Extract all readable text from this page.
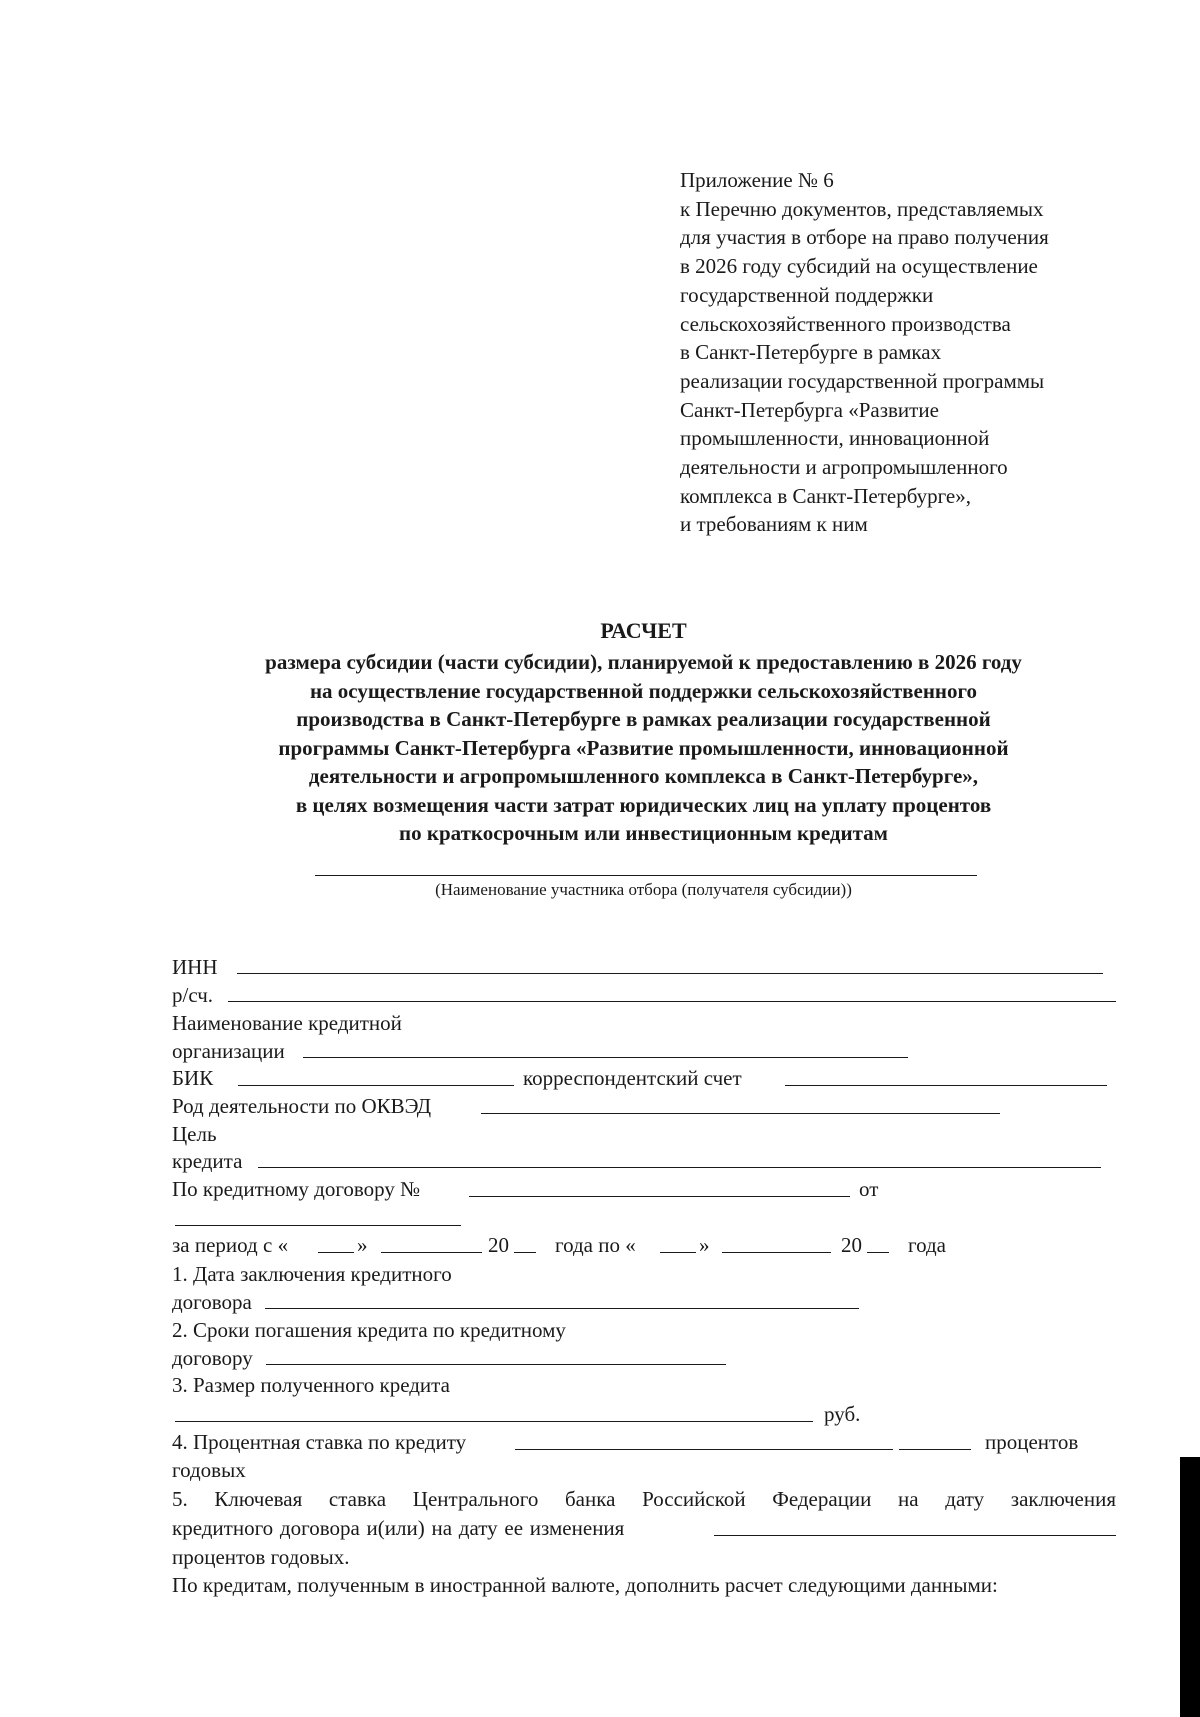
Приложение № 6
к Перечню документов, представляемых
для участия в отборе на право получения
в 2026 году субсидий на осуществление
государственной поддержки
сельскохозяйственного производства
в Санкт-Петербурге в рамках
реализации государственной программы
Санкт-Петербурга «Развитие
промышленности, инновационной
деятельности и агропромышленного
комплекса в Санкт-Петербурге»,
и требованиям к ним
РАСЧЕТ
размера субсидии (части субсидии), планируемой к предоставлению в 2026 году
на осуществление государственной поддержки сельскохозяйственного
производства в Санкт-Петербурге в рамках реализации государственной
программы Санкт-Петербурга «Развитие промышленности, инновационной
деятельности и агропромышленного комплекса в Санкт-Петербурге»,
в целях возмещения части затрат юридических лиц на уплату процентов
по краткосрочным или инвестиционным кредитам
(Наименование участника отбора (получателя субсидии))
ИНН
р/сч.
Наименование кредитной
организации
БИК	корреспондентский счет
Род деятельности по ОКВЭД
Цель
кредита
По кредитному договору №	от
за период с «	»	20 года по «	»	20 года
1. Дата заключения кредитного
договора
2. Сроки погашения кредита по кредитному
договору
3. Размер полученного кредита
руб.
4. Процентная ставка по кредиту	процентов
годовых
5. Ключевая ставка Центрального банка Российской Федерации на дату заключения
кредитного договора и(или) на дату ее изменения
процентов годовых.
По кредитам, полученным в иностранной валюте, дополнить расчет следующими данными:
